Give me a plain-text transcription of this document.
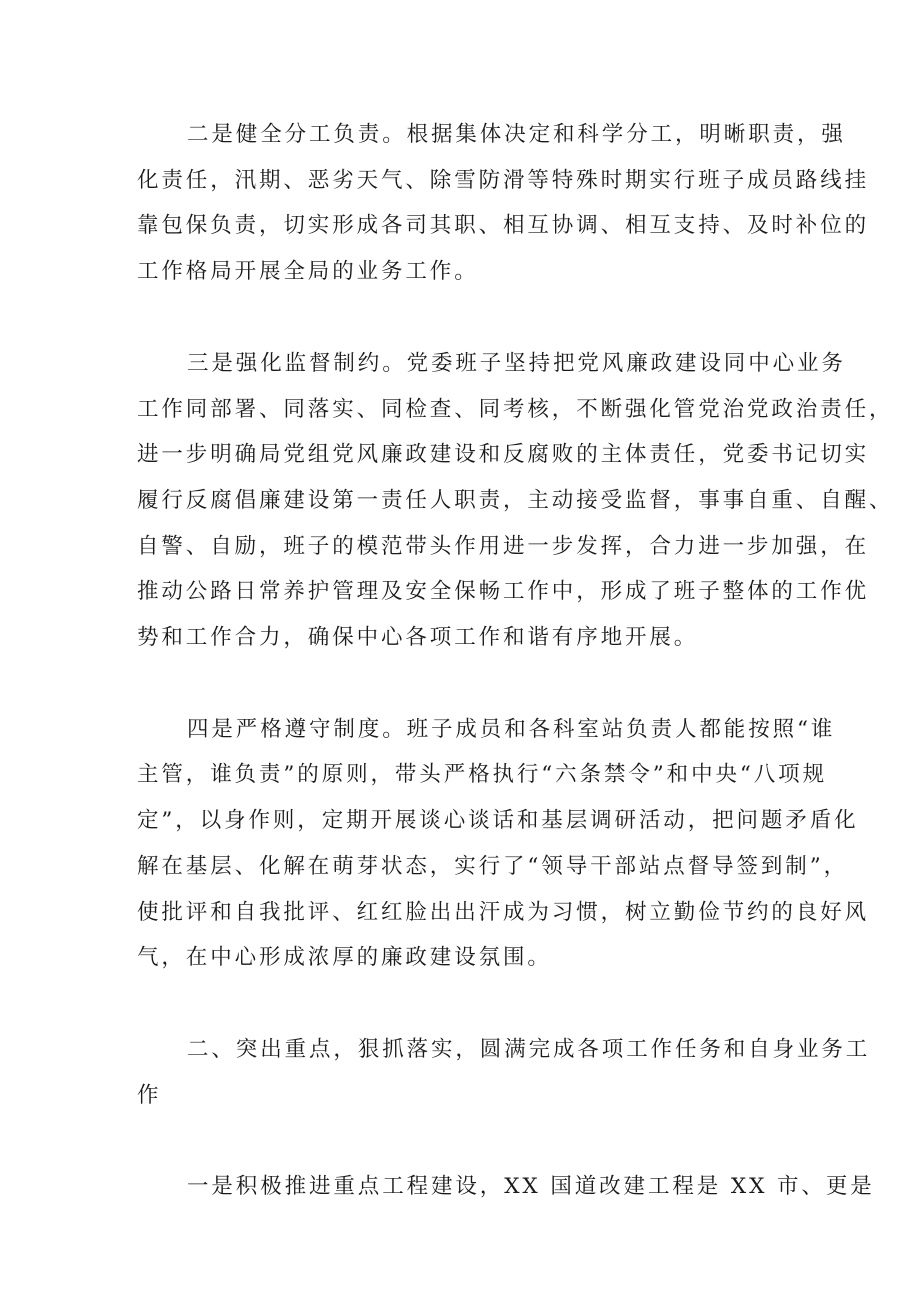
二是健全分工负责。根据集体决定和科学分工，明晰职责，强
化责任，汛期、恶劣天气、除雪防滑等特殊时期实行班子成员路线挂
靠包保负责，切实形成各司其职、相互协调、相互支持、及时补位的
工作格局开展全局的业务工作。

三是强化监督制约。党委班子坚持把党风廉政建设同中心业务
工作同部署、同落实、同检查、同考核，不断强化管党治党政治责任，
进一步明确局党组党风廉政建设和反腐败的主体责任，党委书记切实
履行反腐倡廉建设第一责任人职责，主动接受监督，事事自重、自醒、
自警、自励，班子的模范带头作用进一步发挥，合力进一步加强，在
推动公路日常养护管理及安全保畅工作中，形成了班子整体的工作优
势和工作合力，确保中心各项工作和谐有序地开展。

四是严格遵守制度。班子成员和各科室站负责人都能按照“谁
主管，谁负责”的原则，带头严格执行“六条禁令”和中央“八项规
定”，以身作则，定期开展谈心谈话和基层调研活动，把问题矛盾化
解在基层、化解在萌芽状态，实行了“领导干部站点督导签到制”，
使批评和自我批评、红红脸出出汗成为习惯，树立勤俭节约的良好风
气，在中心形成浓厚的廉政建设氛围。

二、突出重点，狠抓落实，圆满完成各项工作任务和自身业务工
作

一是积极推进重点工程建设，XX 国道改建工程是 XX 市、更是
